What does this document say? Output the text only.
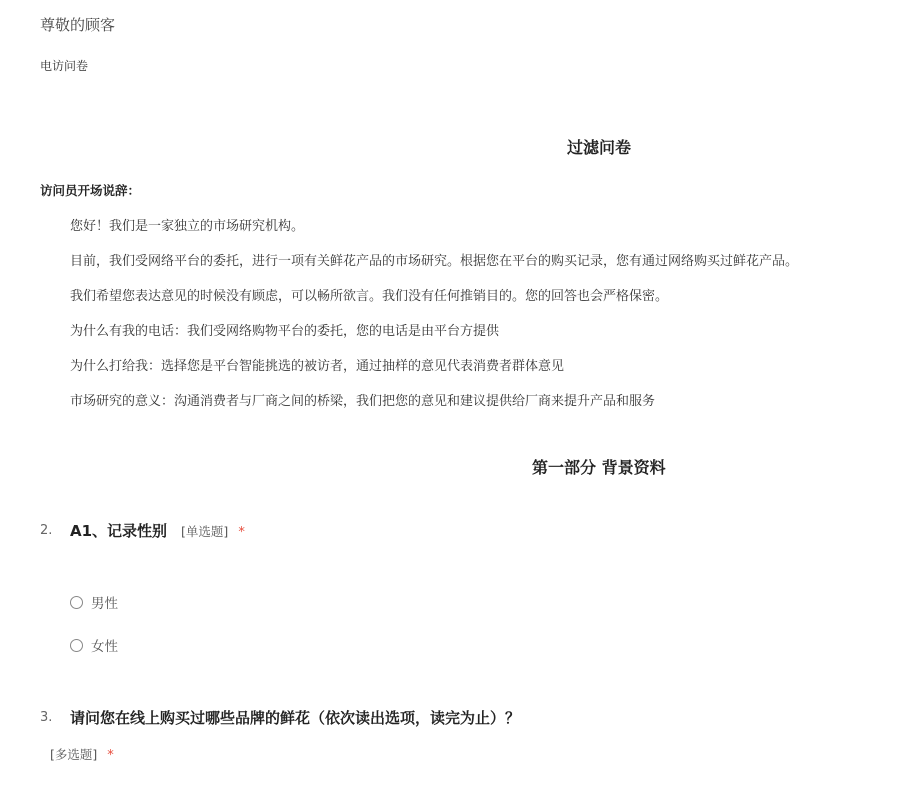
尊敬的顾客
电访问卷
过滤问卷
访问员开场说辞：
您好！我们是一家独立的市场研究机构。
目前，我们受网络平台的委托，进行一项有关鲜花产品的市场研究。根据您在平台的购买记录，您有通过网络购买过鲜花产品。
我们希望您表达意见的时候没有顾虑，可以畅所欲言。我们没有任何推销目的。您的回答也会严格保密。
为什么有我的电话：我们受网络购物平台的委托，您的电话是由平台方提供
为什么打给我：选择您是平台智能挑选的被访者，通过抽样的意见代表消费者群体意见
市场研究的意义：沟通消费者与厂商之间的桥梁，我们把您的意见和建议提供给厂商来提升产品和服务
第一部分 背景资料
2. A1、记录性别 [单选题] *
男性
女性
3. 请问您在线上购买过哪些品牌的鲜花（依次读出选项，读完为止）？
[多选题] *
